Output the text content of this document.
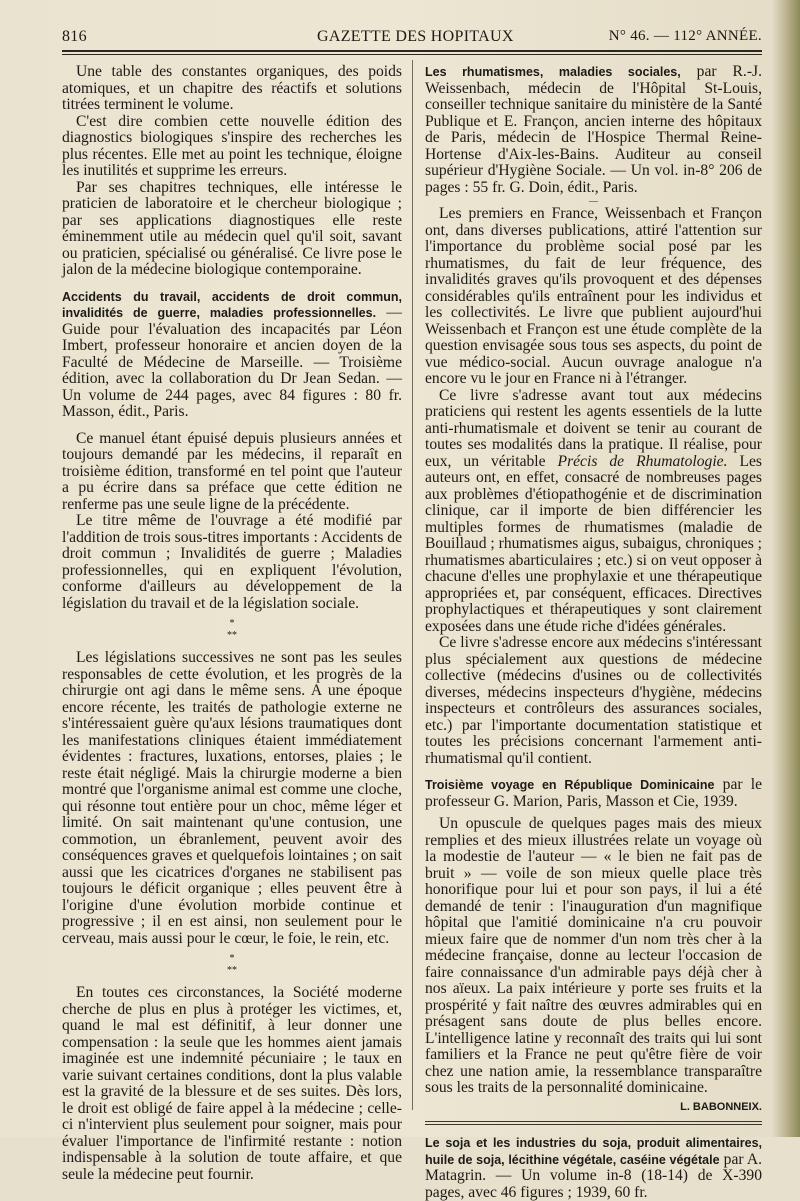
816	GAZETTE DES HOPITAUX	N° 46. — 112° ANNÉE.

Une table des constantes organiques, des poids atomiques, et un chapitre des réactifs et solutions titrées terminent le volume.

C'est dire combien cette nouvelle édition des diagnostics biologiques s'inspire des recherches les plus récentes. Elle met au point les technique, éloigne les inutilités et supprime les erreurs.

Par ses chapitres techniques, elle intéresse le praticien de laboratoire et le chercheur biologique ; par ses applications diagnostiques elle reste éminemment utile au médecin quel qu'il soit, savant ou praticien, spécialisé ou généralisé. Ce livre pose le jalon de la médecine biologique contemporaine.

Accidents du travail, accidents de droit commun, invalidités de guerre, maladies professionnelles. — Guide pour l'évaluation des incapacités par Léon Imbert, professeur honoraire et ancien doyen de la Faculté de Médecine de Marseille. — Troisième édition, avec la collaboration du Dr Jean Sedan. — Un volume de 244 pages, avec 84 figures : 80 fr. Masson, édit., Paris.

Ce manuel étant épuisé depuis plusieurs années et toujours demandé par les médecins, il reparaît en troisième édition, transformé en tel point que l'auteur a pu écrire dans sa préface que cette édition ne renferme pas une seule ligne de la précédente.

Le titre même de l'ouvrage a été modifié par l'addition de trois sous-titres importants : Accidents de droit commun ; Invalidités de guerre ; Maladies professionnelles, qui en expliquent l'évolution, conforme d'ailleurs au développement de la législation du travail et de la législation sociale.

*
**

Les législations successives ne sont pas les seules responsables de cette évolution, et les progrès de la chirurgie ont agi dans le même sens. A une époque encore récente, les traités de pathologie externe ne s'intéressaient guère qu'aux lésions traumatiques dont les manifestations cliniques étaient immédiatement évidentes : fractures, luxations, entorses, plaies ; le reste était négligé. Mais la chirurgie moderne a bien montré que l'organisme animal est comme une cloche, qui résonne tout entière pour un choc, même léger et limité. On sait maintenant qu'une contusion, une commotion, un ébranlement, peuvent avoir des conséquences graves et quelquefois lointaines ; on sait aussi que les cicatrices d'organes ne stabilisent pas toujours le déficit organique ; elles peuvent être à l'origine d'une évolution morbide continue et progressive ; il en est ainsi, non seulement pour le cerveau, mais aussi pour le cœur, le foie, le rein, etc.

*
**

En toutes ces circonstances, la Société moderne cherche de plus en plus à protéger les victimes, et, quand le mal est définitif, à leur donner une compensation : la seule que les hommes aient jamais imaginée est une indemnité pécuniaire ; le taux en varie suivant certaines conditions, dont la plus valable est la gravité de la blessure et de ses suites. Dès lors, le droit est obligé de faire appel à la médecine ; celle-ci n'intervient plus seulement pour soigner, mais pour évaluer l'importance de l'infirmité restante : notion indispensable à la solution de toute affaire, et que seule la médecine peut fournir.

Les rhumatismes, maladies sociales, par R.-J. Weissenbach, médecin de l'Hôpital St-Louis, conseiller technique sanitaire du ministère de la Santé Publique et E. Françon, ancien interne des hôpitaux de Paris, médecin de l'Hospice Thermal Reine-Hortense d'Aix-les-Bains. Auditeur au conseil supérieur d'Hygiène Sociale. — Un vol. in-8° 206 de pages : 55 fr. G. Doin, édit., Paris.

—

Les premiers en France, Weissenbach et Françon ont, dans diverses publications, attiré l'attention sur l'importance du problème social posé par les rhumatismes, du fait de leur fréquence, des invalidités graves qu'ils provoquent et des dépenses considérables qu'ils entraînent pour les individus et les collectivités. Le livre que publient aujourd'hui Weissenbach et Françon est une étude complète de la question envisagée sous tous ses aspects, du point de vue médico-social. Aucun ouvrage analogue n'a encore vu le jour en France ni à l'étranger.

Ce livre s'adresse avant tout aux médecins praticiens qui restent les agents essentiels de la lutte anti-rhumatismale et doivent se tenir au courant de toutes ses modalités dans la pratique. Il réalise, pour eux, un véritable Précis de Rhumatologie. Les auteurs ont, en effet, consacré de nombreuses pages aux problèmes d'étiopathogénie et de discrimination clinique, car il importe de bien différencier les multiples formes de rhumatismes (maladie de Bouillaud ; rhumatismes aigus, subaigus, chroniques ; rhumatismes abarticulaires ; etc.) si on veut opposer à chacune d'elles une prophylaxie et une thérapeutique appropriées et, par conséquent, efficaces. Directives prophylactiques et thérapeutiques y sont clairement exposées dans une étude riche d'idées générales.

Ce livre s'adresse encore aux médecins s'intéressant plus spécialement aux questions de médecine collective (médecins d'usines ou de collectivités diverses, médecins inspecteurs d'hygiène, médecins inspecteurs et contrôleurs des assurances sociales, etc.) par l'importante documentation statistique et toutes les précisions concernant l'armement anti-rhumatismal qu'il contient.

Troisième voyage en République Dominicaine par le professeur G. Marion, Paris, Masson et Cie, 1939.

Un opuscule de quelques pages mais des mieux remplies et des mieux illustrées relate un voyage où la modestie de l'auteur — « le bien ne fait pas de bruit » — voile de son mieux quelle place très honorifique pour lui et pour son pays, il lui a été demandé de tenir : l'inauguration d'un magnifique hôpital que l'amitié dominicaine n'a cru pouvoir mieux faire que de nommer d'un nom très cher à la médecine française, donne au lecteur l'occasion de faire connaissance d'un admirable pays déjà cher à nos aïeux. La paix intérieure y porte ses fruits et la prospérité y fait naître des œuvres admirables qui en présagent sans doute de plus belles encore. L'intelligence latine y reconnaît des traits qui lui sont familiers et la France ne peut qu'être fière de voir chez une nation amie, la ressemblance transparaître sous les traits de la personnalité dominicaine.

L. BABONNEIX.

Le soja et les industries du soja, produit alimentaires, huile de soja, lécithine végétale, caséine végétale par A. Matagrin. — Un volume in-8 (18-14) de X-390 pages, avec 46 figures ; 1939, 60 fr.
